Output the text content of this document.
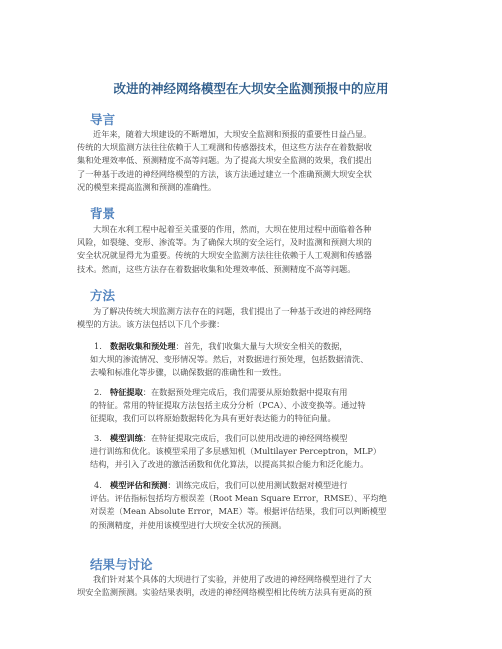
改进的神经网络模型在大坝安全监测预报中的应用
导言
近年来，随着大坝建设的不断增加，大坝安全监测和预报的重要性日益凸显。
传统的大坝监测方法往往依赖于人工观测和传感器技术，但这些方法存在着数据收
集和处理效率低、预测精度不高等问题。为了提高大坝安全监测的效果，我们提出
了一种基于改进的神经网络模型的方法，该方法通过建立一个准确预测大坝安全状
况的模型来提高监测和预测的准确性。
背景
大坝在水利工程中起着至关重要的作用，然而，大坝在使用过程中面临着各种
风险，如裂缝、变形、渗流等。为了确保大坝的安全运行，及时监测和预测大坝的
安全状况就显得尤为重要。传统的大坝安全监测方法往往依赖于人工观测和传感器
技术。然而，这些方法存在着数据收集和处理效率低、预测精度不高等问题。
方法
为了解决传统大坝监测方法存在的问题，我们提出了一种基于改进的神经网络
模型的方法。该方法包括以下几个步骤：
1. 数据收集和预处理：首先，我们收集大量与大坝安全相关的数据，
如大坝的渗流情况、变形情况等。然后，对数据进行预处理，包括数据清洗、
去噪和标准化等步骤，以确保数据的准确性和一致性。
2. 特征提取：在数据预处理完成后，我们需要从原始数据中提取有用
的特征。常用的特征提取方法包括主成分分析（PCA）、小波变换等。通过特
征提取，我们可以将原始数据转化为具有更好表达能力的特征向量。
3. 模型训练：在特征提取完成后，我们可以使用改进的神经网络模型
进行训练和优化。该模型采用了多层感知机（Multilayer Perceptron，MLP）
结构，并引入了改进的激活函数和优化算法，以提高其拟合能力和泛化能力。
4. 模型评估和预测：训练完成后，我们可以使用测试数据对模型进行
评估。评估指标包括均方根误差（Root Mean Square Error，RMSE）、平均绝
对误差（Mean Absolute Error，MAE）等。根据评估结果，我们可以判断模型
的预测精度，并使用该模型进行大坝安全状况的预测。
结果与讨论
我们针对某个具体的大坝进行了实验，并使用了改进的神经网络模型进行了大
坝安全监测预测。实验结果表明，改进的神经网络模型相比传统方法具有更高的预
